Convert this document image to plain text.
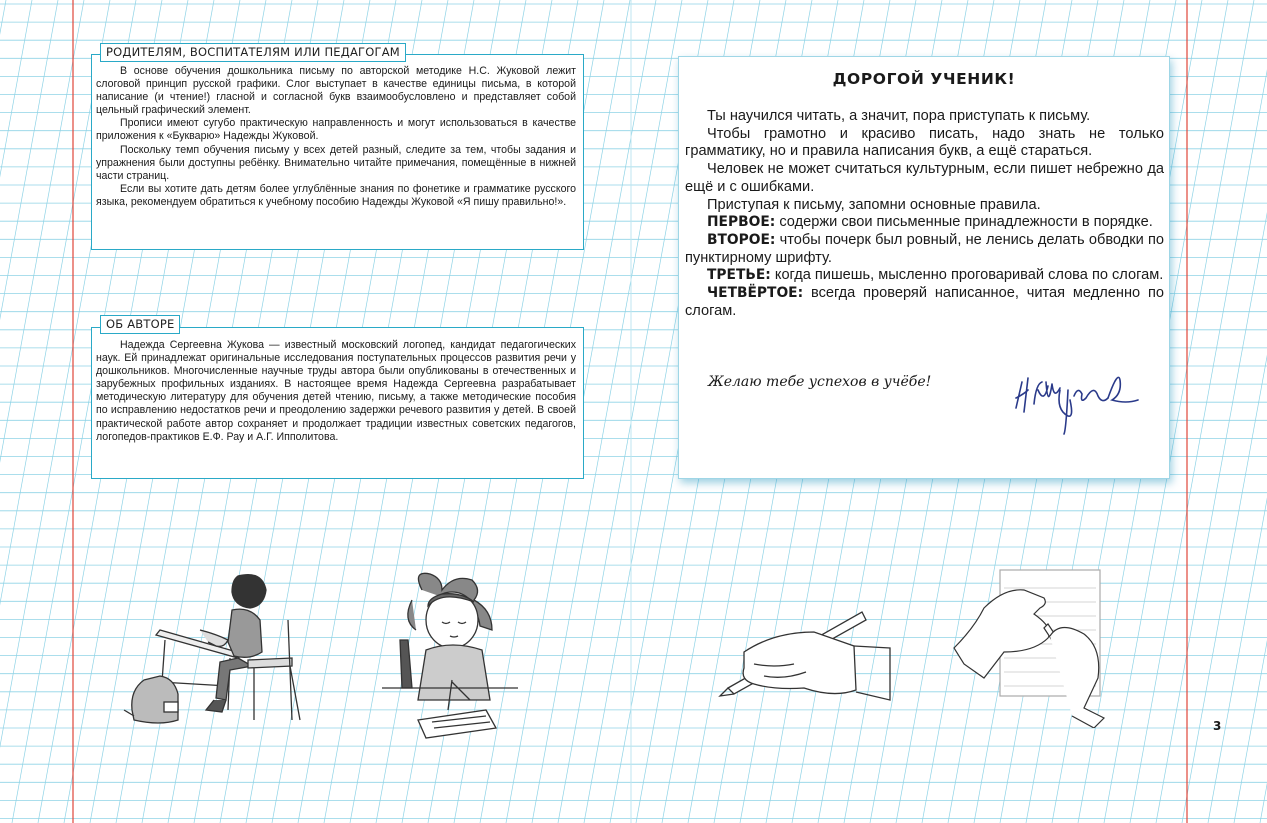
РОДИТЕЛЯМ, ВОСПИТАТЕЛЯМ ИЛИ ПЕДАГОГАМ

В основе обучения дошкольника письму по авторской методике Н.С. Жуковой лежит слоговой принцип русской графики. Слог выступает в качестве единицы письма, в которой написание (и чтение!) гласной и согласной букв взаимообусловлено и представляет собой цельный графический элемент.

Прописи имеют сугубо практическую направленность и могут использоваться в качестве приложения к «Букварю» Надежды Жуковой.

Поскольку темп обучения письму у всех детей разный, следите за тем, чтобы задания и упражнения были доступны ребёнку. Внимательно читайте примечания, помещённые в нижней части страниц.

Если вы хотите дать детям более углублённые знания по фонетике и грамматике русского языка, рекомендуем обратиться к учебному пособию Надежды Жуковой «Я пишу правильно!».

ОБ АВТОРЕ

Надежда Сергеевна Жукова — известный московский логопед, кандидат педагогических наук. Ей принадлежат оригинальные исследования поступательных процессов развития речи у дошкольников. Многочисленные научные труды автора были опубликованы в отечественных и зарубежных профильных изданиях. В настоящее время Надежда Сергеевна разрабатывает методическую литературу для обучения детей чтению, письму, а также методические пособия по исправлению недостатков речи и преодолению задержки речевого развития у детей. В своей практической работе автор сохраняет и продолжает традиции известных советских педагогов, логопедов-практиков Е.Ф. Рау и А.Г. Ипполитова.

ДОРОГОЙ УЧЕНИК!

Ты научился читать, а значит, пора приступать к письму.

Чтобы грамотно и красиво писать, надо знать не только грамматику, но и правила написания букв, а ещё стараться.

Человек не может считаться культурным, если пишет небрежно да ещё и с ошибками.

Приступая к письму, запомни основные правила.

ПЕРВОЕ: содержи свои письменные принадлежности в порядке.

ВТОРОЕ: чтобы почерк был ровный, не ленись делать обводки по пунктирному шрифту.

ТРЕТЬЕ: когда пишешь, мысленно проговаривай слова по слогам.

ЧЕТВЁРТОЕ: всегда проверяй написанное, читая медленно по слогам.

Желаю тебе успехов в учёбе!
3
